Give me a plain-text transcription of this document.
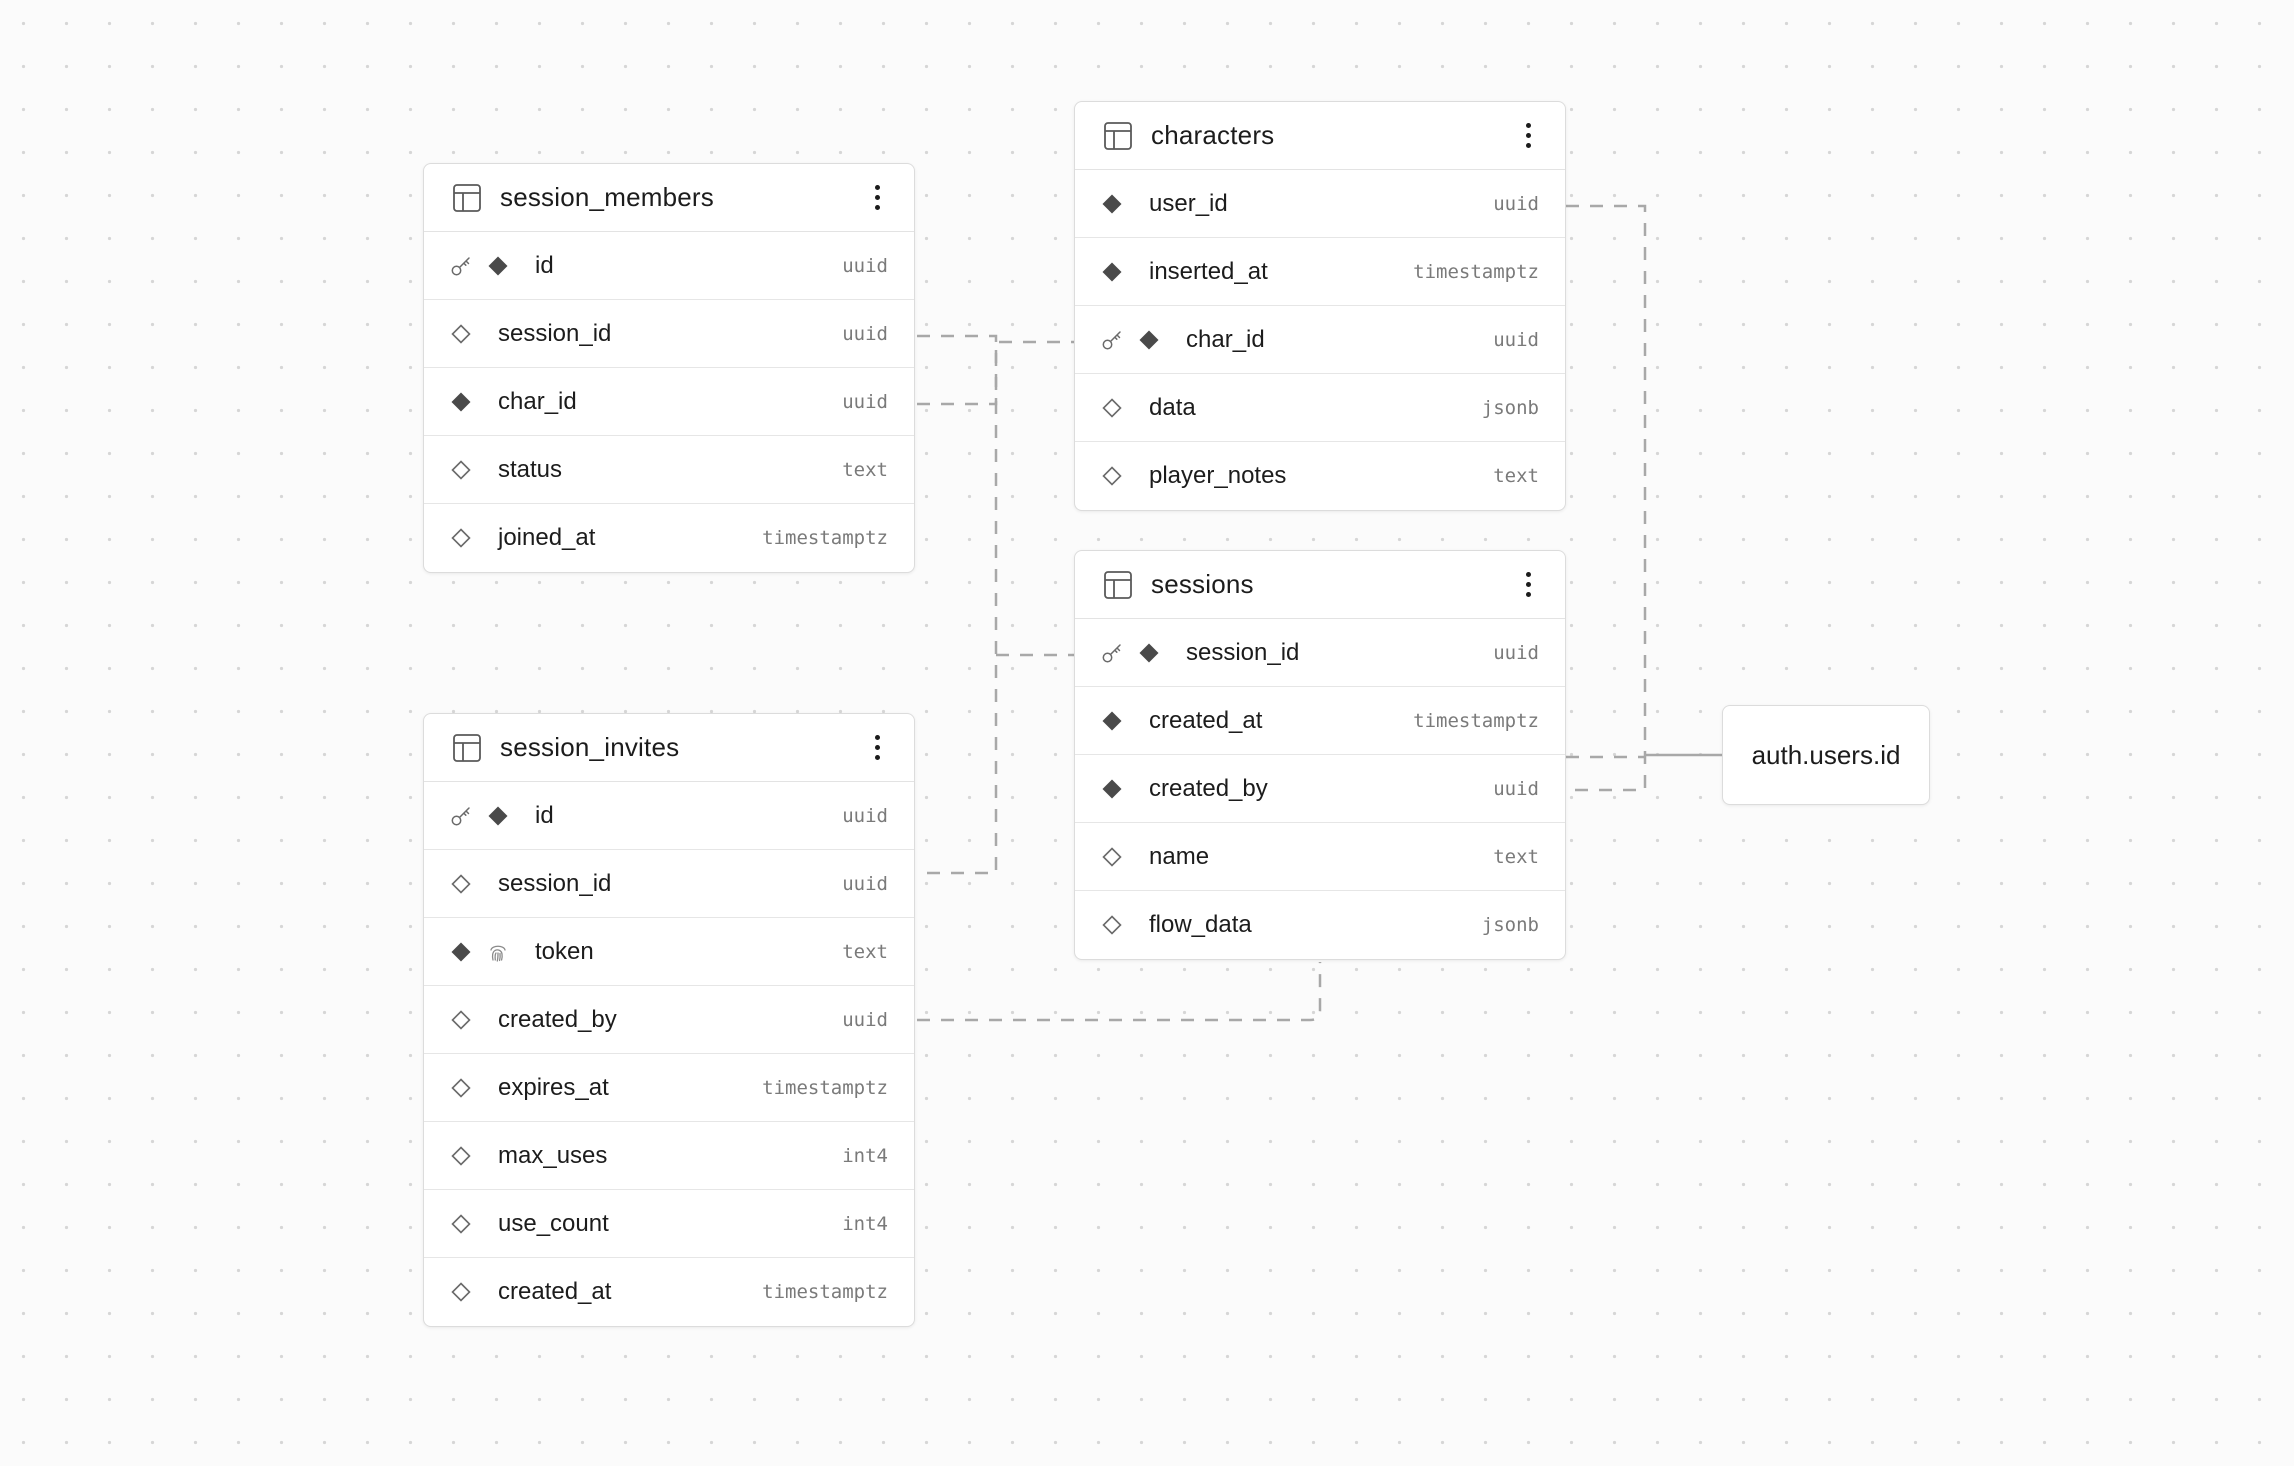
session_members
id	uuid
session_id	uuid
char_id	uuid
status	text
joined_at	timestamptz
session_invites
id	uuid
session_id	uuid
token	text
created_by	uuid
expires_at	timestamptz
max_uses	int4
use_count	int4
created_at	timestamptz
characters
user_id	uuid
inserted_at	timestamptz
char_id	uuid
data	jsonb
player_notes	text
sessions
session_id	uuid
created_at	timestamptz
created_by	uuid
name	text
flow_data	jsonb
auth.users.id
